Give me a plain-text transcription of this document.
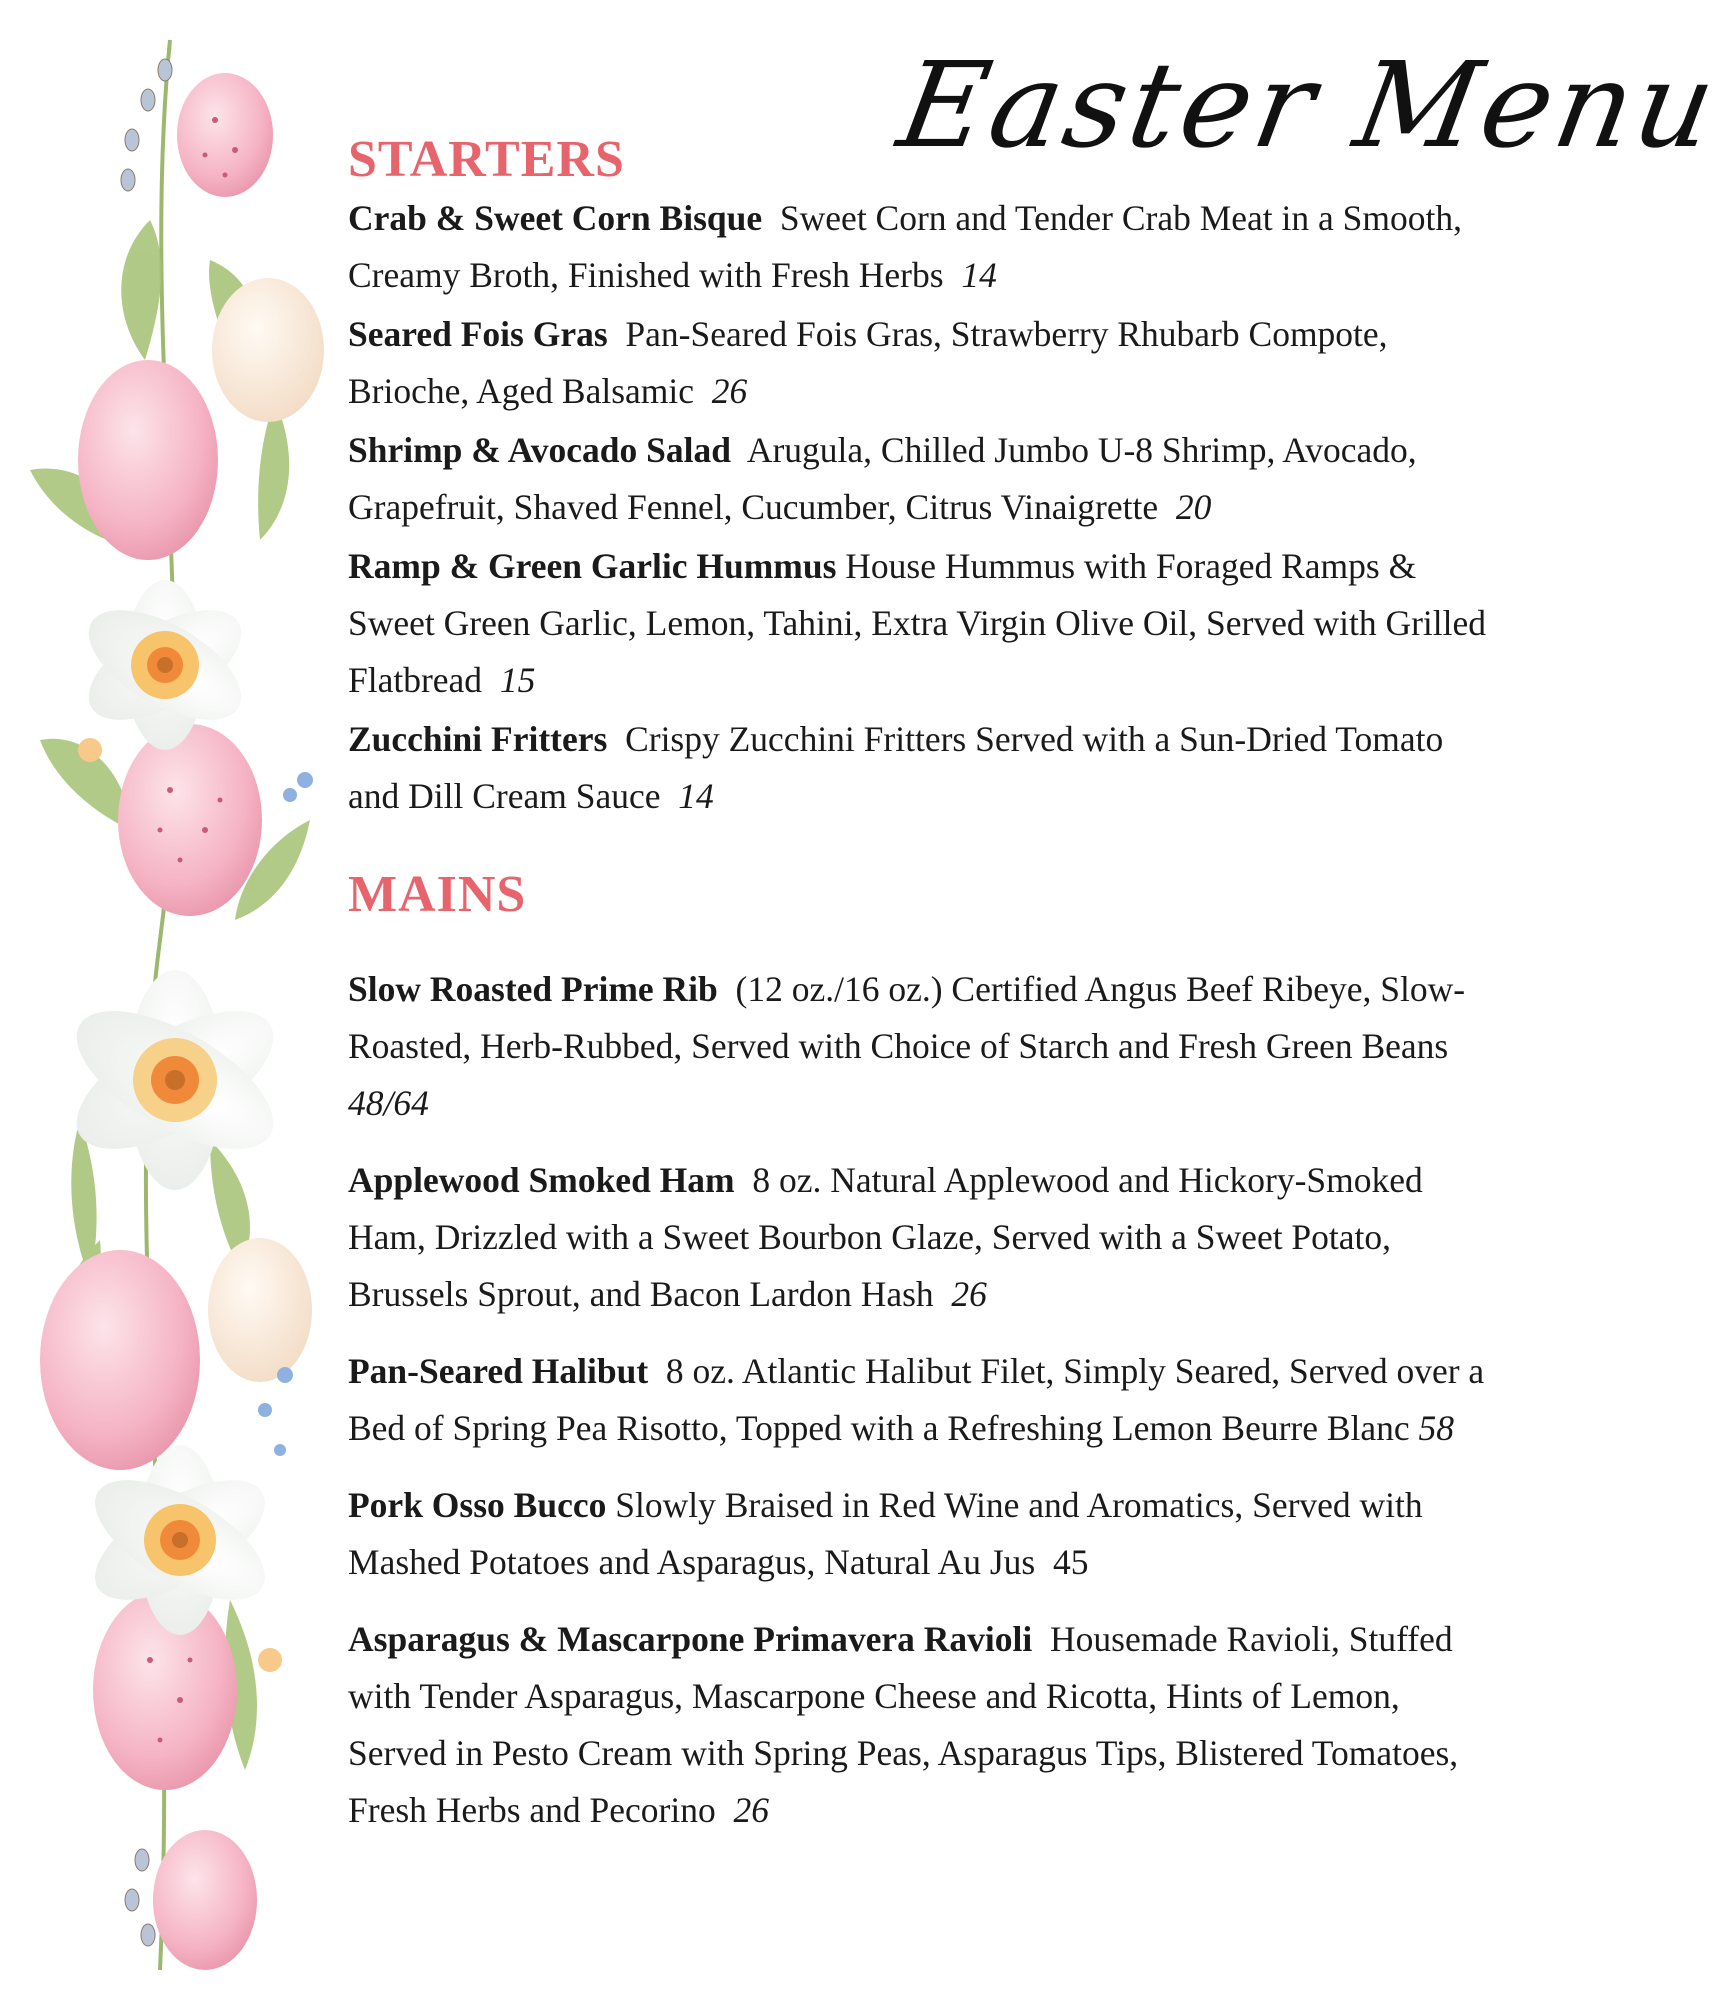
Easter Menu
STARTERS

Crab & Sweet Corn Bisque Sweet Corn and Tender Crab Meat in a Smooth, Creamy Broth, Finished with Fresh Herbs 14

Seared Fois Gras Pan-Seared Fois Gras, Strawberry Rhubarb Compote, Brioche, Aged Balsamic 26

Shrimp & Avocado Salad Arugula, Chilled Jumbo U-8 Shrimp, Avocado, Grapefruit, Shaved Fennel, Cucumber, Citrus Vinaigrette 20

Ramp & Green Garlic Hummus House Hummus with Foraged Ramps & Sweet Green Garlic, Lemon, Tahini, Extra Virgin Olive Oil, Served with Grilled Flatbread 15

Zucchini Fritters Crispy Zucchini Fritters Served with a Sun-Dried Tomato and Dill Cream Sauce 14

MAINS

Slow Roasted Prime Rib (12 oz./16 oz.) Certified Angus Beef Ribeye, Slow-Roasted, Herb-Rubbed, Served with Choice of Starch and Fresh Green Beans  48/64

Applewood Smoked Ham 8 oz. Natural Applewood and Hickory-Smoked Ham, Drizzled with a Sweet Bourbon Glaze, Served with a Sweet Potato, Brussels Sprout, and Bacon Lardon Hash 26

Pan-Seared Halibut 8 oz. Atlantic Halibut Filet, Simply Seared, Served over a Bed of Spring Pea Risotto, Topped with a Refreshing Lemon Beurre Blanc 58

Pork Osso Bucco Slowly Braised in Red Wine and Aromatics, Served with Mashed Potatoes and Asparagus, Natural Au Jus 45

Asparagus & Mascarpone Primavera Ravioli Housemade Ravioli, Stuffed with Tender Asparagus, Mascarpone Cheese and Ricotta, Hints of Lemon, Served in Pesto Cream with Spring Peas, Asparagus Tips, Blistered Tomatoes, Fresh Herbs and Pecorino 26
